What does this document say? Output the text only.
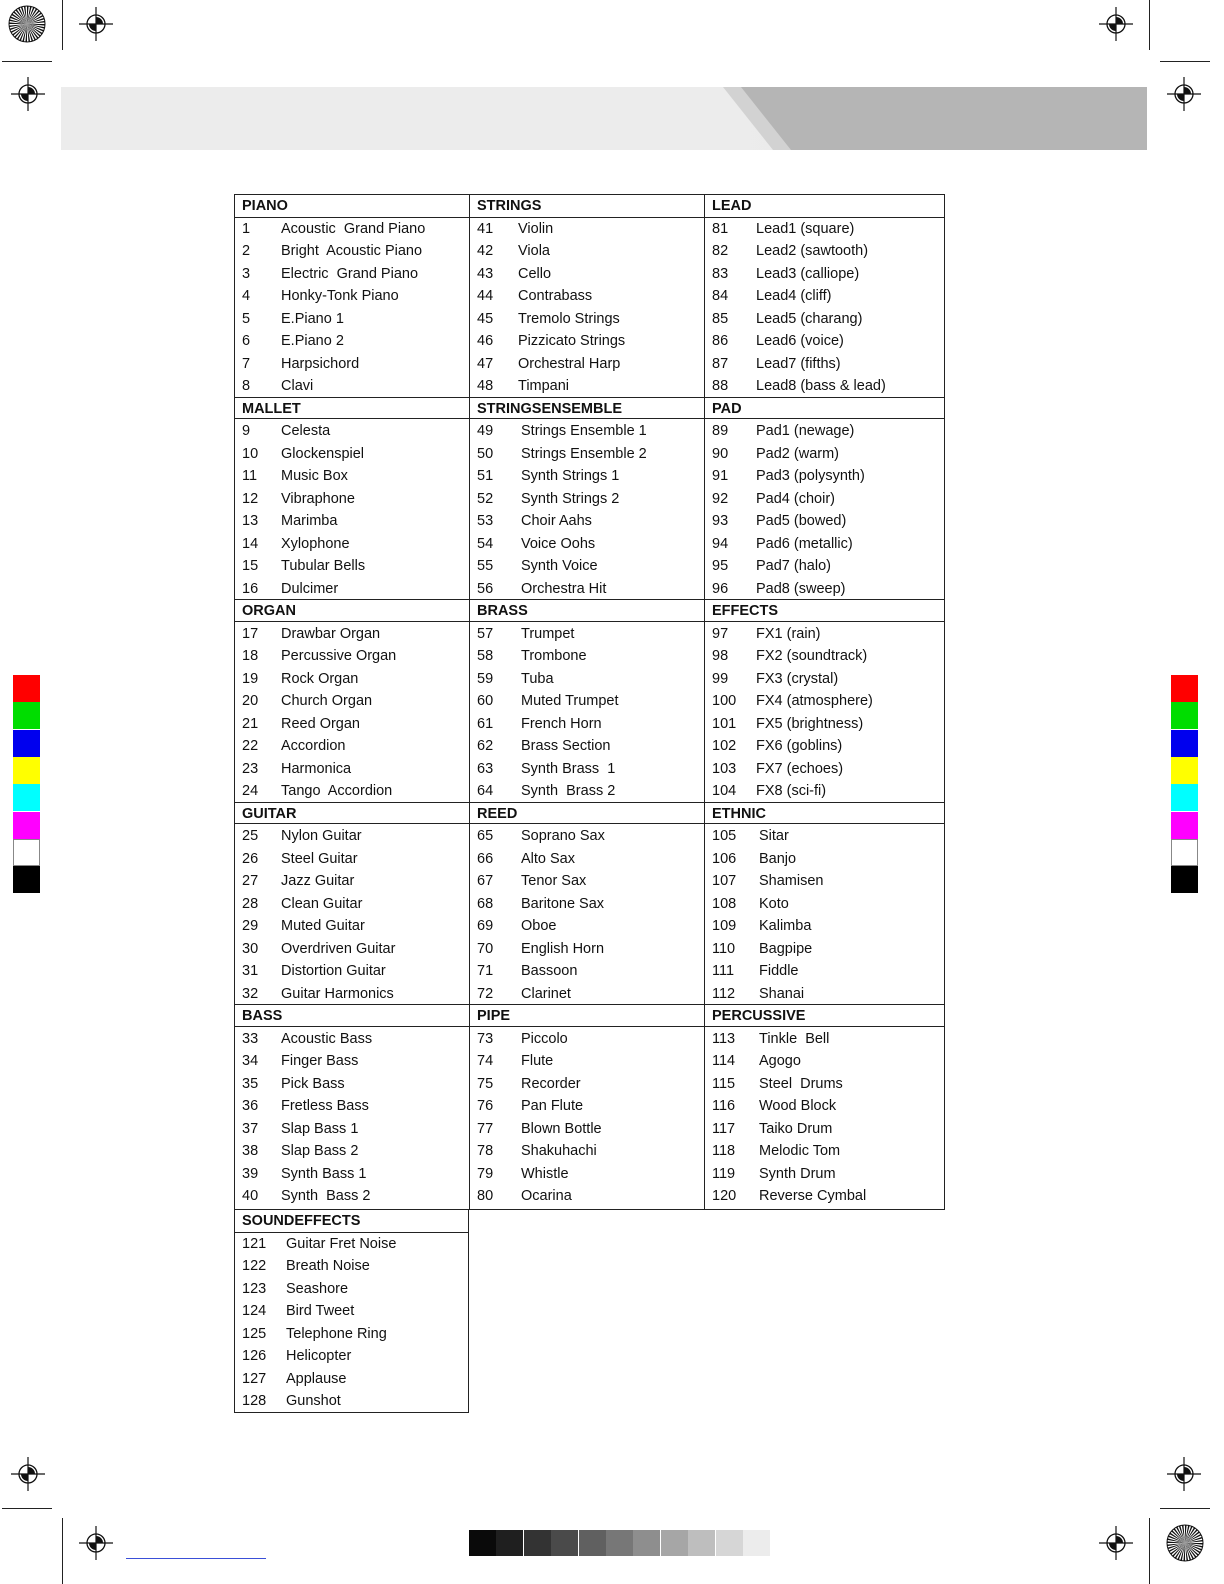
PIANO
1 Acoustic  Grand Piano
2 Bright  Acoustic Piano
3 Electric  Grand Piano
4 Honky-Tonk Piano
5 E.Piano 1
6 E.Piano 2
7 Harpsichord
8 Clavi
MALLET
9 Celesta
10 Glockenspiel
11 Music Box
12 Vibraphone
13 Marimba
14 Xylophone
15 Tubular Bells
16 Dulcimer
ORGAN
17 Drawbar Organ
18 Percussive Organ
19 Rock Organ
20 Church Organ
21 Reed Organ
22 Accordion
23 Harmonica
24 Tango  Accordion
GUITAR
25 Nylon Guitar
26 Steel Guitar
27 Jazz Guitar
28 Clean Guitar
29 Muted Guitar
30 Overdriven Guitar
31 Distortion Guitar
32 Guitar Harmonics
BASS
33 Acoustic Bass
34 Finger Bass
35 Pick Bass
36 Fretless Bass
37 Slap Bass 1
38 Slap Bass 2
39 Synth Bass 1
40 Synth  Bass 2
STRINGS
41 Violin
42 Viola
43 Cello
44 Contrabass
45 Tremolo Strings
46 Pizzicato Strings
47 Orchestral Harp
48 Timpani
STRINGSENSEMBLE
49 Strings Ensemble 1
50 Strings Ensemble 2
51 Synth Strings 1
52 Synth Strings 2
53 Choir Aahs
54 Voice Oohs
55 Synth Voice
56 Orchestra Hit
BRASS
57 Trumpet
58 Trombone
59 Tuba
60 Muted Trumpet
61 French Horn
62 Brass Section
63 Synth Brass  1
64 Synth  Brass 2
REED
65 Soprano Sax
66 Alto Sax
67 Tenor Sax
68 Baritone Sax
69 Oboe
70 English Horn
71 Bassoon
72 Clarinet
PIPE
73 Piccolo
74 Flute
75 Recorder
76 Pan Flute
77 Blown Bottle
78 Shakuhachi
79 Whistle
80 Ocarina
LEAD
81 Lead1 (square)
82 Lead2 (sawtooth)
83 Lead3 (calliope)
84 Lead4 (cliff)
85 Lead5 (charang)
86 Lead6 (voice)
87 Lead7 (fifths)
88 Lead8 (bass & lead)
PAD
89 Pad1 (newage)
90 Pad2 (warm)
91 Pad3 (polysynth)
92 Pad4 (choir)
93 Pad5 (bowed)
94 Pad6 (metallic)
95 Pad7 (halo)
96 Pad8 (sweep)
EFFECTS
97 FX1 (rain)
98 FX2 (soundtrack)
99 FX3 (crystal)
100 FX4 (atmosphere)
101 FX5 (brightness)
102 FX6 (goblins)
103 FX7 (echoes)
104 FX8 (sci-fi)
ETHNIC
105 Sitar
106 Banjo
107 Shamisen
108 Koto
109 Kalimba
110 Bagpipe
111 Fiddle
112 Shanai
PERCUSSIVE
113 Tinkle  Bell
114 Agogo
115 Steel  Drums
116 Wood Block
117 Taiko Drum
118 Melodic Tom
119 Synth Drum
120 Reverse Cymbal
SOUNDEFFECTS
121 Guitar Fret Noise
122 Breath Noise
123 Seashore
124 Bird Tweet
125 Telephone Ring
126 Helicopter
127 Applause
128 Gunshot
